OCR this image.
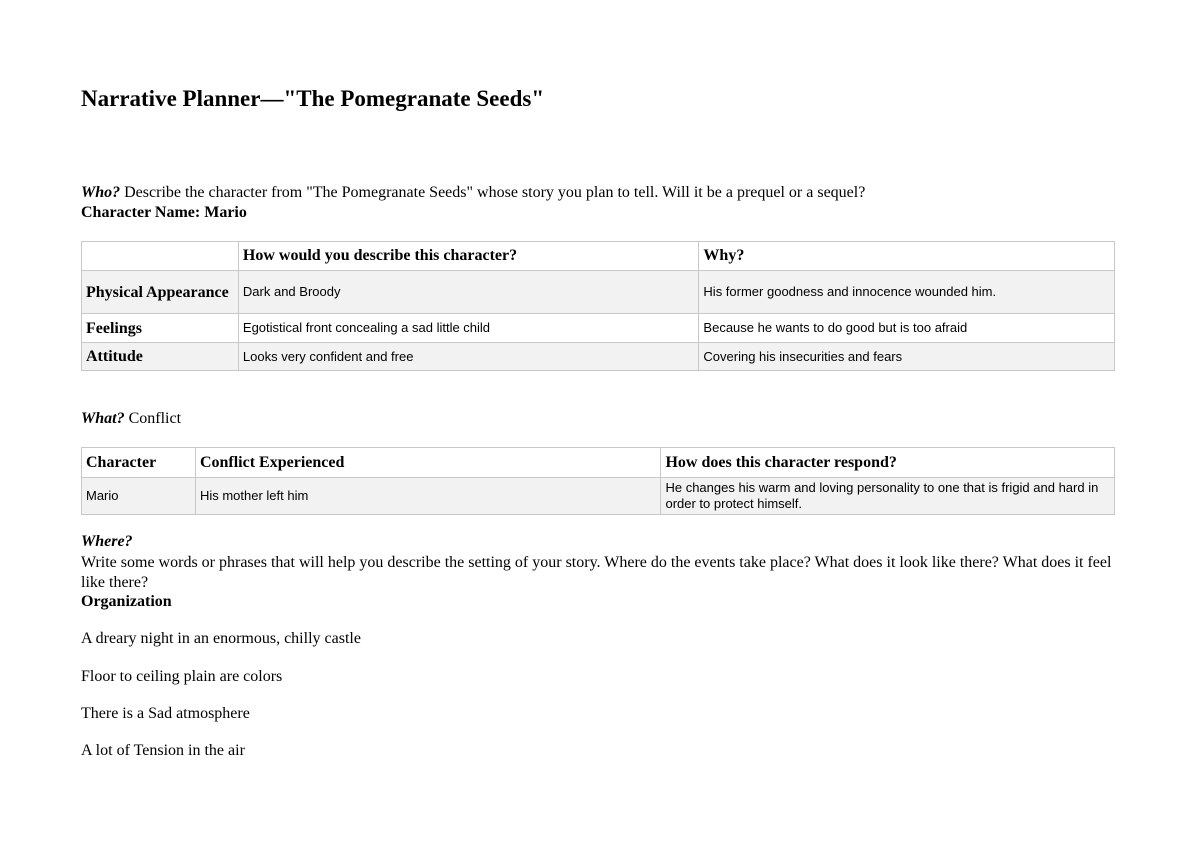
Narrative Planner—"The Pomegranate Seeds"
Who? Describe the character from "The Pomegranate Seeds" whose story you plan to tell. Will it be a prequel or a sequel?
Character Name: Mario
	How would you describe this character?	Why?
Physical Appearance	Dark and Broody	His former goodness and innocence wounded him.
Feelings	Egotistical front concealing a sad little child	Because he wants to do good but is too afraid
Attitude	Looks very confident and free	Covering his insecurities and fears
What? Conflict
Character	Conflict Experienced	How does this character respond?
Mario	His mother left him	He changes his warm and loving personality to one that is frigid and hard in order to protect himself.
Where?
Write some words or phrases that will help you describe the setting of your story. Where do the events take place? What does it look like there? What does it feel like there?
Organization
A dreary night in an enormous, chilly castle
Floor to ceiling plain are colors
There is a Sad atmosphere
A lot of Tension in the air
